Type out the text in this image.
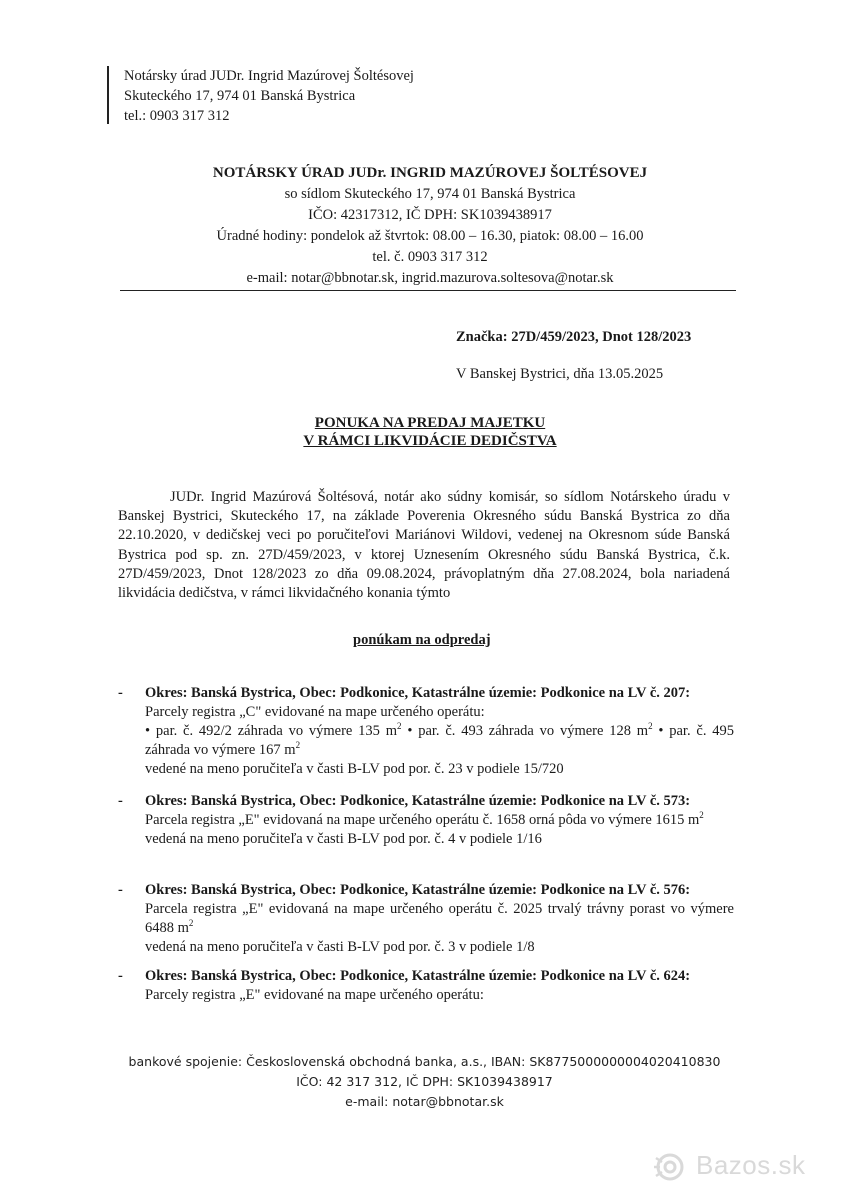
Notársky úrad JUDr. Ingrid Mazúrovej Šoltésovej
Skuteckého 17, 974 01 Banská Bystrica
tel.: 0903 317 312
NOTÁRSKY ÚRAD JUDr. INGRID MAZÚROVEJ ŠOLTÉSOVEJ
so sídlom Skuteckého 17, 974 01 Banská Bystrica
IČO: 42317312, IČ DPH: SK1039438917
Úradné hodiny: pondelok až štvrtok: 08.00 – 16.30, piatok: 08.00 – 16.00
tel. č. 0903 317 312
e-mail: notar@bbnotar.sk, ingrid.mazurova.soltesova@notar.sk
Značka: 27D/459/2023, Dnot 128/2023
V Banskej Bystrici, dňa 13.05.2025
PONUKA NA PREDAJ MAJETKU
V RÁMCI LIKVIDÁCIE DEDIČSTVA
JUDr. Ingrid Mazúrová Šoltésová, notár ako súdny komisár, so sídlom Notárskeho úradu v Banskej Bystrici, Skuteckého 17, na základe Poverenia Okresného súdu Banská Bystrica zo dňa 22.10.2020, v dedičskej veci po poručiteľovi Mariánovi Wildovi, vedenej na Okresnom súde Banská Bystrica pod sp. zn. 27D/459/2023, v ktorej Uznesením Okresného súdu Banská Bystrica, č.k. 27D/459/2023, Dnot 128/2023 zo dňa 09.08.2024, právoplatným dňa 27.08.2024, bola nariadená likvidácia dedičstva, v rámci likvidačného konania týmto
ponúkam na odpredaj
- Okres: Banská Bystrica, Obec: Podkonice, Katastrálne územie: Podkonice na LV č. 207:
Parcely registra „C" evidované na mape určeného operátu:
• par. č. 492/2 záhrada vo výmere 135 $m^2$ • par. č. 493 záhrada vo výmere 128 $m^2$ • par. č. 495 záhrada vo výmere 167 $m^2$
vedené na meno poručiteľa v časti B-LV pod por. č. 23 v podiele 15/720
- Okres: Banská Bystrica, Obec: Podkonice, Katastrálne územie: Podkonice na LV č. 573:
Parcela registra „E" evidovaná na mape určeného operátu č. 1658 orná pôda vo výmere 1615 $m^2$
vedená na meno poručiteľa v časti B-LV pod por. č. 4 v podiele 1/16
- Okres: Banská Bystrica, Obec: Podkonice, Katastrálne územie: Podkonice na LV č. 576:
Parcela registra „E" evidovaná na mape určeného operátu č. 2025 trvalý trávny porast vo výmere 6488 $m^2$
vedená na meno poručiteľa v časti B-LV pod por. č. 3 v podiele 1/8
- Okres: Banská Bystrica, Obec: Podkonice, Katastrálne územie: Podkonice na LV č. 624:
Parcely registra „E" evidované na mape určeného operátu:
bankové spojenie: Československá obchodná banka, a.s., IBAN: SK8775000000004020410830
IČO: 42 317 312, IČ DPH: SK1039438917
e-mail: notar@bbnotar.sk
Bazos.sk
